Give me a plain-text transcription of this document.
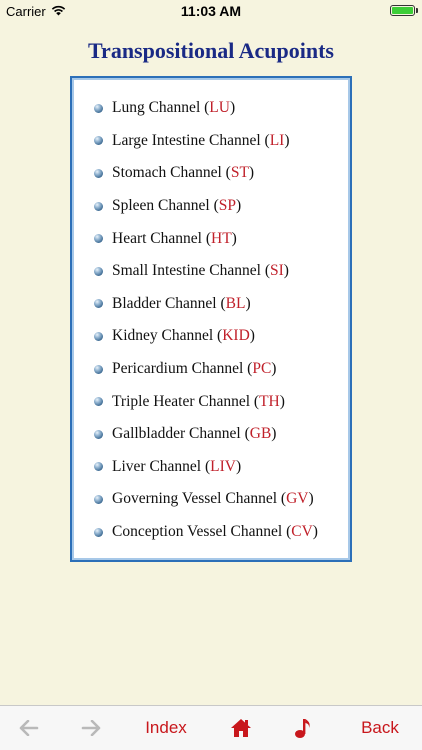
Carrier	11:03 AM
Transpositional Acupoints
Lung Channel ( LU )
Large Intestine Channel ( LI )
Stomach Channel ( ST )
Spleen Channel ( SP )
Heart Channel ( HT )
Small Intestine Channel ( SI )
Bladder Channel ( BL )
Kidney Channel ( KID )
Pericardium Channel ( PC )
Triple Heater Channel ( TH )
Gallbladder Channel ( GB )
Liver Channel ( LIV )
Governing Vessel Channel ( GV )
Conception Vessel Channel ( CV )
Index	Back
